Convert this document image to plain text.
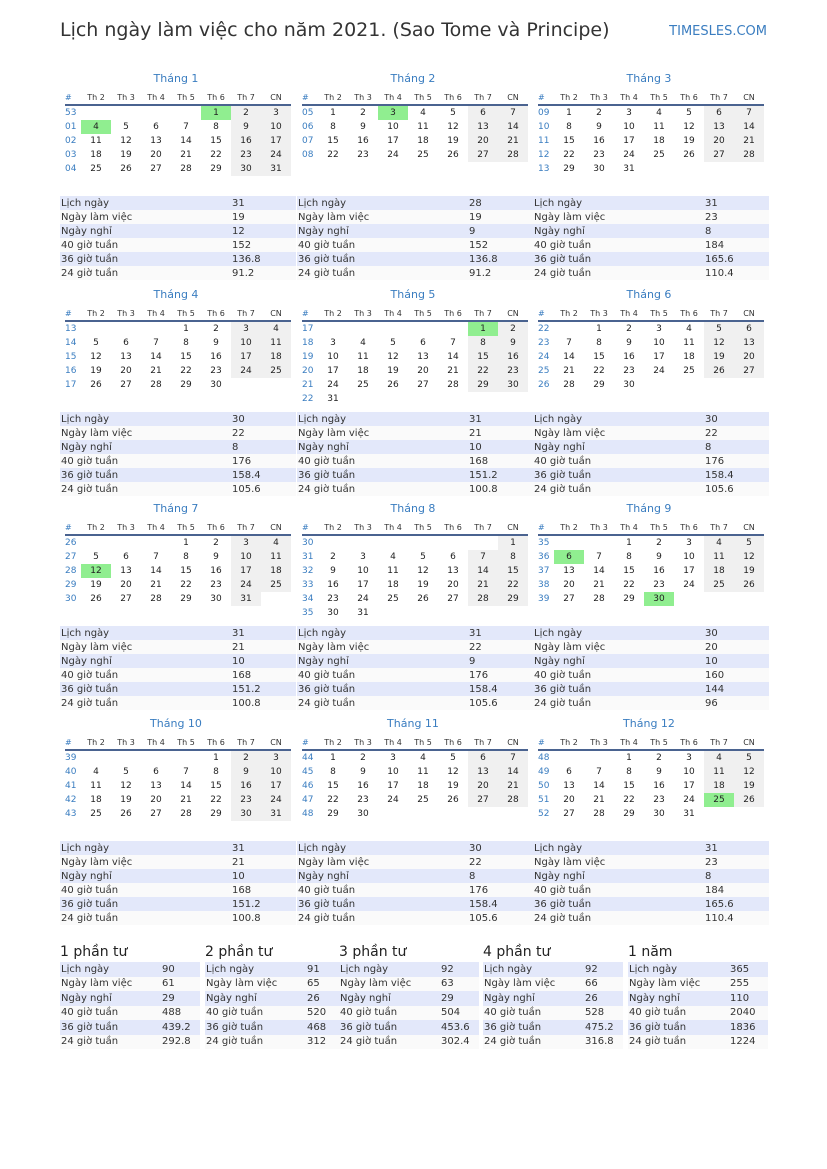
Lịch ngày làm việc cho năm 2021. (Sao Tome và Principe)	TIMESLES.COM
Tháng 1
#	Th 2	Th 3	Th 4	Th 5	Th 6	Th 7	CN
53					1	2	3
01	4	5	6	7	8	9	10
02	11	12	13	14	15	16	17
03	18	19	20	21	22	23	24
04	25	26	27	28	29	30	31
Lịch ngày	31
Ngày làm việc	19
Ngày nghỉ	12
40 giờ tuần	152
36 giờ tuần	136.8
24 giờ tuần	91.2
Tháng 2
#	Th 2	Th 3	Th 4	Th 5	Th 6	Th 7	CN
05	1	2	3	4	5	6	7
06	8	9	10	11	12	13	14
07	15	16	17	18	19	20	21
08	22	23	24	25	26	27	28
Lịch ngày	28
Ngày làm việc	19
Ngày nghỉ	9
40 giờ tuần	152
36 giờ tuần	136.8
24 giờ tuần	91.2
Tháng 3
#	Th 2	Th 3	Th 4	Th 5	Th 6	Th 7	CN
09	1	2	3	4	5	6	7
10	8	9	10	11	12	13	14
11	15	16	17	18	19	20	21
12	22	23	24	25	26	27	28
13	29	30	31				
Lịch ngày	31
Ngày làm việc	23
Ngày nghỉ	8
40 giờ tuần	184
36 giờ tuần	165.6
24 giờ tuần	110.4
Tháng 4
#	Th 2	Th 3	Th 4	Th 5	Th 6	Th 7	CN
13				1	2	3	4
14	5	6	7	8	9	10	11
15	12	13	14	15	16	17	18
16	19	20	21	22	23	24	25
17	26	27	28	29	30		
Lịch ngày	30
Ngày làm việc	22
Ngày nghỉ	8
40 giờ tuần	176
36 giờ tuần	158.4
24 giờ tuần	105.6
Tháng 5
#	Th 2	Th 3	Th 4	Th 5	Th 6	Th 7	CN
17						1	2
18	3	4	5	6	7	8	9
19	10	11	12	13	14	15	16
20	17	18	19	20	21	22	23
21	24	25	26	27	28	29	30
22	31						
Lịch ngày	31
Ngày làm việc	21
Ngày nghỉ	10
40 giờ tuần	168
36 giờ tuần	151.2
24 giờ tuần	100.8
Tháng 6
#	Th 2	Th 3	Th 4	Th 5	Th 6	Th 7	CN
22		1	2	3	4	5	6
23	7	8	9	10	11	12	13
24	14	15	16	17	18	19	20
25	21	22	23	24	25	26	27
26	28	29	30				
Lịch ngày	30
Ngày làm việc	22
Ngày nghỉ	8
40 giờ tuần	176
36 giờ tuần	158.4
24 giờ tuần	105.6
Tháng 7
#	Th 2	Th 3	Th 4	Th 5	Th 6	Th 7	CN
26				1	2	3	4
27	5	6	7	8	9	10	11
28	12	13	14	15	16	17	18
29	19	20	21	22	23	24	25
30	26	27	28	29	30	31	
Lịch ngày	31
Ngày làm việc	21
Ngày nghỉ	10
40 giờ tuần	168
36 giờ tuần	151.2
24 giờ tuần	100.8
Tháng 8
#	Th 2	Th 3	Th 4	Th 5	Th 6	Th 7	CN
30							1
31	2	3	4	5	6	7	8
32	9	10	11	12	13	14	15
33	16	17	18	19	20	21	22
34	23	24	25	26	27	28	29
35	30	31					
Lịch ngày	31
Ngày làm việc	22
Ngày nghỉ	9
40 giờ tuần	176
36 giờ tuần	158.4
24 giờ tuần	105.6
Tháng 9
#	Th 2	Th 3	Th 4	Th 5	Th 6	Th 7	CN
35			1	2	3	4	5
36	6	7	8	9	10	11	12
37	13	14	15	16	17	18	19
38	20	21	22	23	24	25	26
39	27	28	29	30			
Lịch ngày	30
Ngày làm việc	20
Ngày nghỉ	10
40 giờ tuần	160
36 giờ tuần	144
24 giờ tuần	96
Tháng 10
#	Th 2	Th 3	Th 4	Th 5	Th 6	Th 7	CN
39					1	2	3
40	4	5	6	7	8	9	10
41	11	12	13	14	15	16	17
42	18	19	20	21	22	23	24
43	25	26	27	28	29	30	31
Lịch ngày	31
Ngày làm việc	21
Ngày nghỉ	10
40 giờ tuần	168
36 giờ tuần	151.2
24 giờ tuần	100.8
Tháng 11
#	Th 2	Th 3	Th 4	Th 5	Th 6	Th 7	CN
44	1	2	3	4	5	6	7
45	8	9	10	11	12	13	14
46	15	16	17	18	19	20	21
47	22	23	24	25	26	27	28
48	29	30					
Lịch ngày	30
Ngày làm việc	22
Ngày nghỉ	8
40 giờ tuần	176
36 giờ tuần	158.4
24 giờ tuần	105.6
Tháng 12
#	Th 2	Th 3	Th 4	Th 5	Th 6	Th 7	CN
48			1	2	3	4	5
49	6	7	8	9	10	11	12
50	13	14	15	16	17	18	19
51	20	21	22	23	24	25	26
52	27	28	29	30	31		
Lịch ngày	31
Ngày làm việc	23
Ngày nghỉ	8
40 giờ tuần	184
36 giờ tuần	165.6
24 giờ tuần	110.4
1 phần tư
Lịch ngày	90
Ngày làm việc	61
Ngày nghỉ	29
40 giờ tuần	488
36 giờ tuần	439.2
24 giờ tuần	292.8
2 phần tư
Lịch ngày	91
Ngày làm việc	65
Ngày nghỉ	26
40 giờ tuần	520
36 giờ tuần	468
24 giờ tuần	312
3 phần tư
Lịch ngày	92
Ngày làm việc	63
Ngày nghỉ	29
40 giờ tuần	504
36 giờ tuần	453.6
24 giờ tuần	302.4
4 phần tư
Lịch ngày	92
Ngày làm việc	66
Ngày nghỉ	26
40 giờ tuần	528
36 giờ tuần	475.2
24 giờ tuần	316.8
1 năm
Lịch ngày	365
Ngày làm việc	255
Ngày nghỉ	110
40 giờ tuần	2040
36 giờ tuần	1836
24 giờ tuần	1224
